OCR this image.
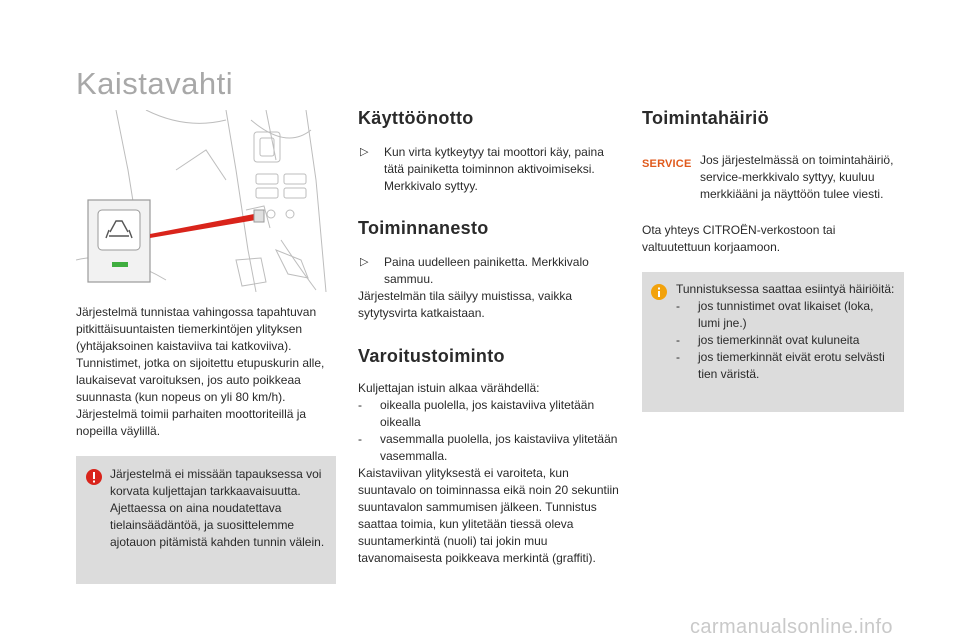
Kaistavahti

Järjestelmä tunnistaa vahingossa tapahtuvan pitkittäisuuntaisten tiemerkintöjen ylityksen (yhtäjaksoinen kaistaviiva tai katkoviiva). Tunnistimet, jotka on sijoitettu etupuskurin alle, laukaisevat varoituksen, jos auto poikkeaa suunnasta (kun nopeus on yli 80 km/h). Järjestelmä toimii parhaiten moottoriteillä ja nopeilla väylillä.

Järjestelmä ei missään tapauksessa voi korvata kuljettajan tarkkaavaisuutta. Ajettaessa on aina noudatettava tielainsäädäntöä, ja suosittelemme ajotauon pitämistä kahden tunnin välein.
Käyttöönotto
▷	Kun virta kytkeytyy tai moottori käy, paina tätä painiketta toiminnon aktivoimiseksi. Merkkivalo syttyy.
Toiminnanesto
▷	Paina uudelleen painiketta. Merkkivalo sammuu.

Järjestelmän tila säilyy muistissa, vaikka sytytysvirta katkaistaan.

Varoitustoiminto

Kuljettajan istuin alkaa värähdellä:

-	oikealla puolella, jos kaistaviiva ylitetään oikealla
-	vasemmalla puolella, jos kaistaviiva ylitetään vasemmalla.

Kaistaviivan ylityksestä ei varoiteta, kun suuntavalo on toiminnassa eikä noin 20 sekuntiin suuntavalon sammumisen jälkeen. Tunnistus saattaa toimia, kun ylitetään tiessä oleva suuntamerkintä (nuoli) tai jokin muu tavanomaisesta poikkeava merkintä (graffiti).

Toimintahäiriö
SERVICE Jos järjestelmässä on toimintahäiriö, service-merkkivalo syttyy, kuuluu merkkiääni ja näyttöön tulee viesti.
Ota yhteys CITROËN-verkostoon tai valtuutettuun korjaamoon.
Tunnistuksessa saattaa esiintyä häiriöitä:
-	jos tunnistimet ovat likaiset (loka, lumi jne.)
-	jos tiemerkinnät ovat kuluneita
-	jos tiemerkinnät eivät erotu selvästi tien väristä.
carmanualsonline.info
